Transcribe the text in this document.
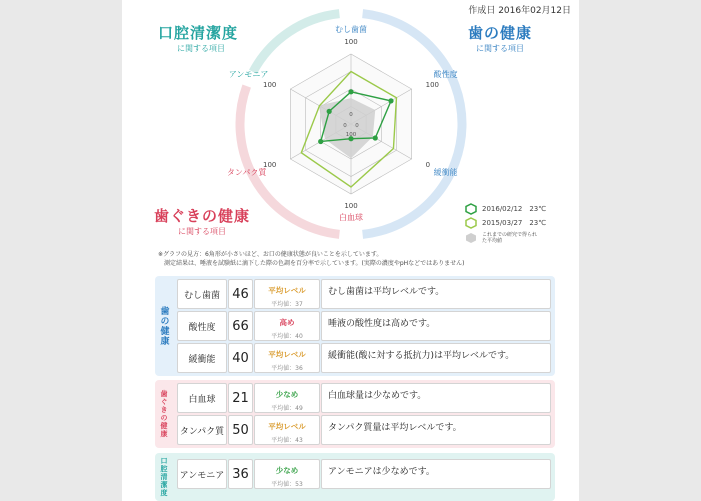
作成日 2016年02月12日
口腔清潔度
に関する項目
歯の健康
に関する項目
歯ぐきの健康
に関する項目
むし歯菌
100
酸性度
100
緩衝能
0
白血球
100
タンパク質
100
アンモニア
100
0
0 0
100
2016/02/12　23℃
2015/03/27　23℃
これまでの研究で得られた平均値
※グラフの見方：6角形が小さいほど、お口の健康状態が良いことを示しています。
　測定結果は、唾液を試験紙に滴下した際の色調を百分率で示しています。(実際の濃度やpHなどではありません)
歯の健康
むし歯菌 46	平均レベル
平均値：37
むし歯菌は平均レベルです。
酸性度	66	高め
平均値：40
唾液の酸性度は高めです。
緩衝能	40	平均レベル
平均値：36
緩衝能(酸に対する抵抗力)は平均レベルです。
歯ぐきの健康	白血球	21	少なめ
平均値：49
白血球量は少なめです。
タンパク質 50	平均レベル
平均値：43
タンパク質量は平均レベルです。
口腔清潔度 アンモニア 36	少なめ
平均値：53
アンモニアは少なめです。
